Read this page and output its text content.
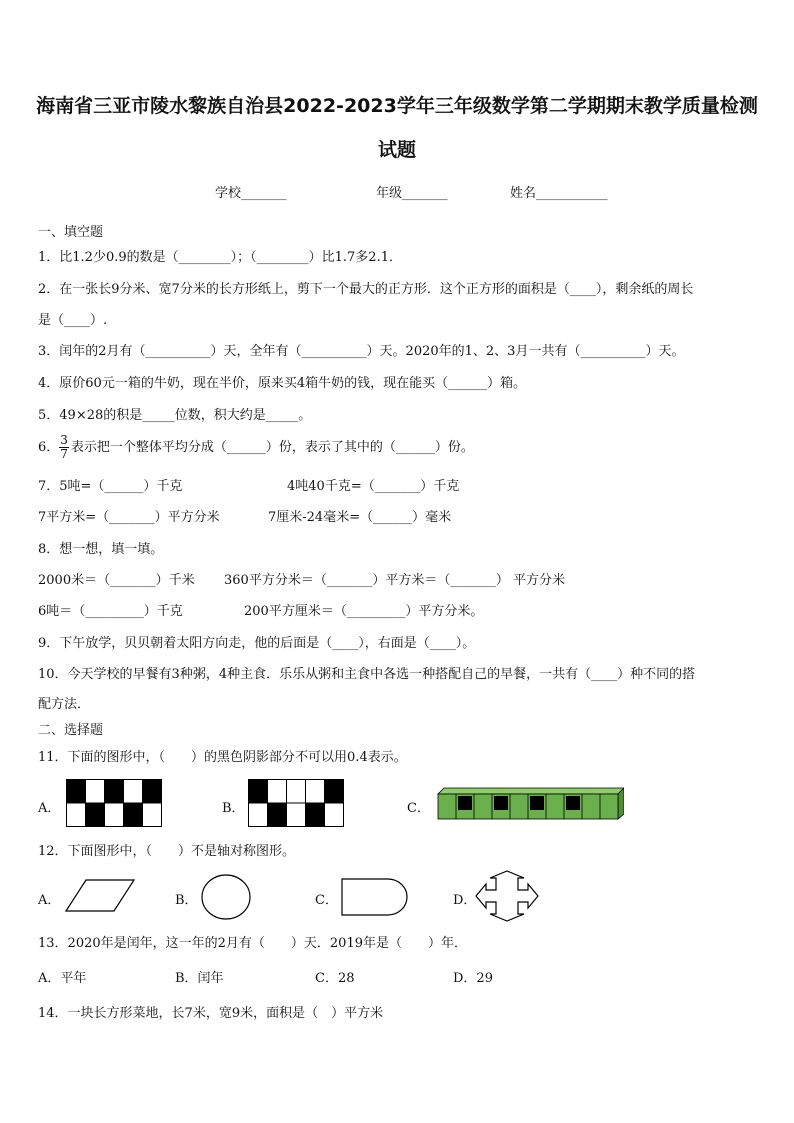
海南省三亚市陵水黎族自治县2022-2023学年三年级数学第二学期期末教学质量检测
试题
学校_______	年级_______	姓名___________
一、填空题
1．比1.2少0.9的数是（________）；（________）比1.7多2.1．
2．在一张长9分米、宽7分米的长方形纸上，剪下一个最大的正方形．这个正方形的面积是（____），剩余纸的周长
是（____）.
3．闰年的2月有（__________）天，全年有（__________）天。2020年的1、2、3月一共有（__________）天。
4．原价60元一箱的牛奶，现在半价，原来买4箱牛奶的钱，现在能买（______）箱。
5．49×28的积是_____位数，积大约是_____。
6． $\frac{3}{7}$ 表示把一个整体平均分成（______）份，表示了其中的（______）份。
7．5吨=（______）千克	4吨40千克=（_______）千克
7平方米=（_______）平方分米	7厘米-24毫米=（______）毫米
8．想一想，填一填。
2000米＝（_______）千米 360平方分米＝（_______）平方米＝（_______） 平方分米
6吨＝（_________）千克	200平方厘米＝（_________）平方分米。
9．下午放学，贝贝朝着太阳方向走，他的后面是（____），右面是（____）。
10．今天学校的早餐有3种粥，4种主食．乐乐从粥和主食中各选一种搭配自己的早餐，一共有（____）种不同的搭
配方法．
二、选择题
11．下面的图形中，（　　）的黑色阴影部分不可以用0.4表示。
A．	B．	C．
12．下面图形中，（　　）不是轴对称图形。
A．	B．	C．	D．
13．2020年是闰年，这一年的2月有（　　）天．2019年是（　　）年．
A．平年	B．闰年	C．28	D．29
14．一块长方形菜地，长7米，宽9米，面积是（　）平方米
